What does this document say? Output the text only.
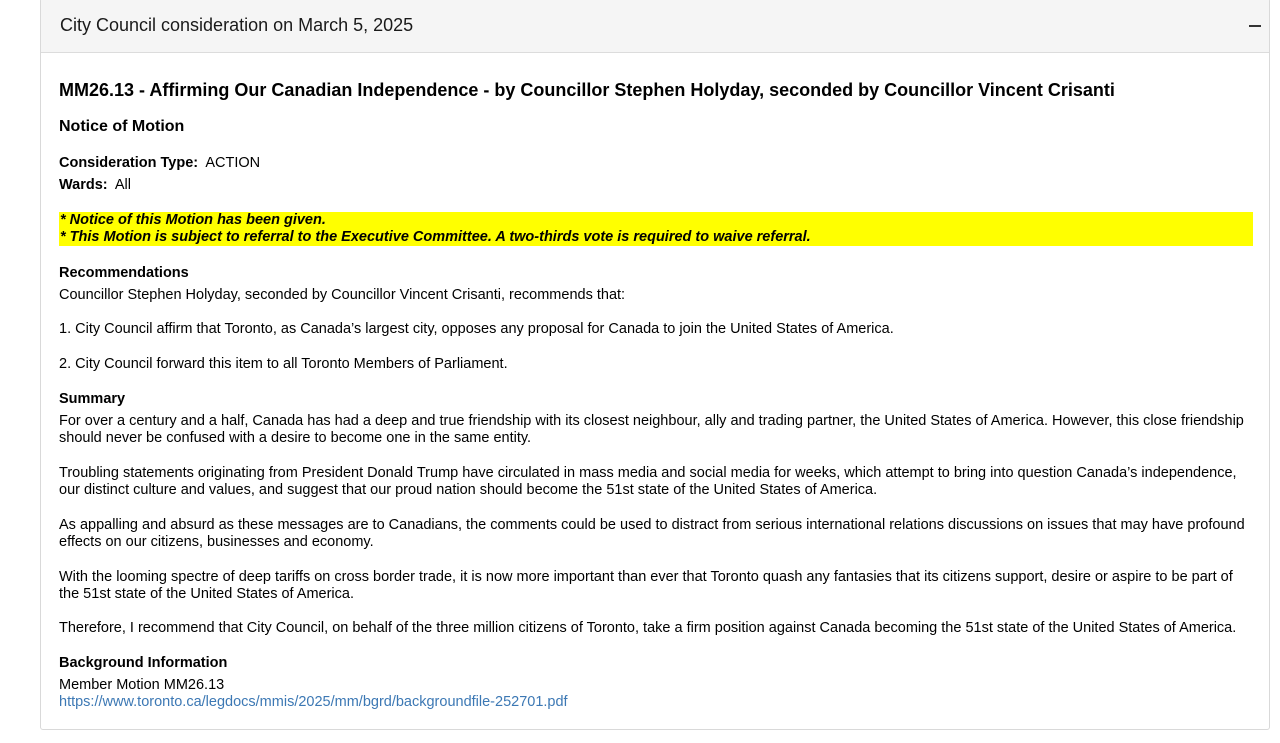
City Council consideration on March 5, 2025
MM26.13 - Affirming Our Canadian Independence - by Councillor Stephen Holyday, seconded by Councillor Vincent Crisanti
Notice of Motion
Consideration Type: ACTION
Wards: All
* Notice of this Motion has been given.
* This Motion is subject to referral to the Executive Committee. A two-thirds vote is required to waive referral.
Recommendations
Councillor Stephen Holyday, seconded by Councillor Vincent Crisanti, recommends that:
1. City Council affirm that Toronto, as Canada’s largest city, opposes any proposal for Canada to join the United States of America.
2. City Council forward this item to all Toronto Members of Parliament.
Summary
For over a century and a half, Canada has had a deep and true friendship with its closest neighbour, ally and trading partner, the United States of America. However, this close friendship should never be confused with a desire to become one in the same entity.
Troubling statements originating from President Donald Trump have circulated in mass media and social media for weeks, which attempt to bring into question Canada’s independence, our distinct culture and values, and suggest that our proud nation should become the 51st state of the United States of America.
As appalling and absurd as these messages are to Canadians, the comments could be used to distract from serious international relations discussions on issues that may have profound effects on our citizens, businesses and economy.
With the looming spectre of deep tariffs on cross border trade, it is now more important than ever that Toronto quash any fantasies that its citizens support, desire or aspire to be part of the 51st state of the United States of America.
Therefore, I recommend that City Council, on behalf of the three million citizens of Toronto, take a firm position against Canada becoming the 51st state of the United States of America.
Background Information
Member Motion MM26.13
https://www.toronto.ca/legdocs/mmis/2025/mm/bgrd/backgroundfile-252701.pdf
